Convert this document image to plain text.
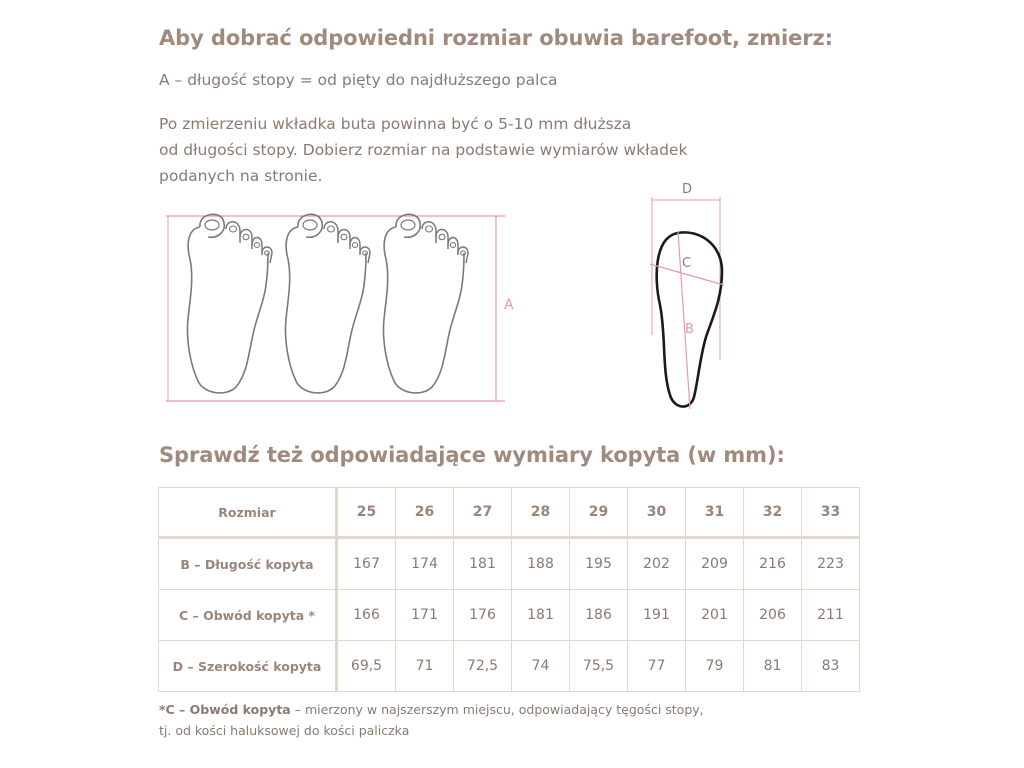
Aby dobrać odpowiedni rozmiar obuwia barefoot, zmierz:

A – długość stopy = od pięty do najdłuższego palca

Po zmierzeniu wkładka buta powinna być o 5-10 mm dłuższa
od długości stopy. Dobierz rozmiar na podstawie wymiarów wkładek
podanych na stronie.

A
D
C
B
Sprawdź też odpowiadające wymiary kopyta (w mm):
Rozmiar	25	26	27	28	29	30	31	32	33
B – Długość kopyta	167	174	181	188	195	202	209	216	223
C – Obwód kopyta *	166	171	176	181	186	191	201	206	211
D – Szerokość kopyta	69,5	71	72,5	74	75,5	77	79	81	83

*C – Obwód kopyta – mierzony w najszerszym miejscu, odpowiadający tęgości stopy,
tj. od kości haluksowej do kości paliczka
